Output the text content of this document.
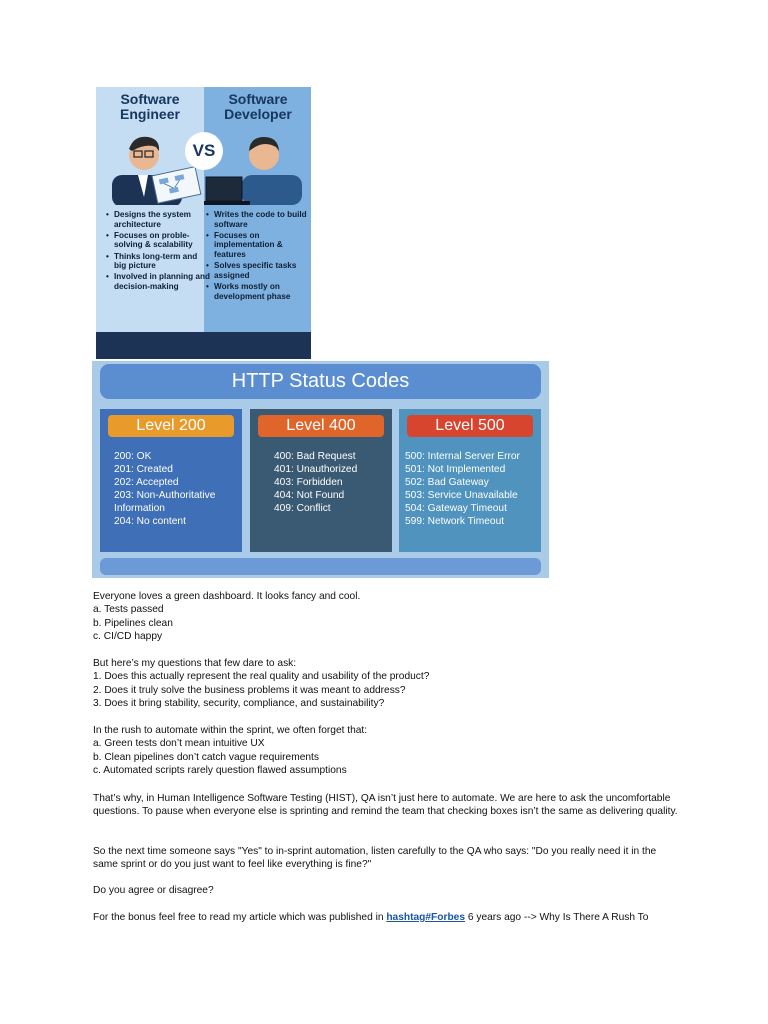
Software Engineer
Software Developer
VS
• Designs the system architecture
• Focuses on proble-solving & scalability
• Thinks long-term and big picture
• Involved in planning and decision-making
• Writes the code to build software
• Focuses on implementation & features
• Solves specific tasks assigned
• Works mostly on development phase
HTTP Status Codes
Level 200
200: OK
201: Created
202: Accepted
203: Non-Authoritative
Information
204: No content
Level 400
400: Bad Request
401: Unauthorized
403: Forbidden
404: Not Found
409: Conflict
Level 500
500: Internal Server Error
501: Not Implemented
502: Bad Gateway
503: Service Unavailable
504: Gateway Timeout
599: Network Timeout

Everyone loves a green dashboard. It looks fancy and cool.

a. Tests passed

b. Pipelines clean

c. CI/CD happy

But here’s my questions that few dare to ask:

1. Does this actually represent the real quality and usability of the product?

2. Does it truly solve the business problems it was meant to address?

3. Does it bring stability, security, compliance, and sustainability?

In the rush to automate within the sprint, we often forget that:

a. Green tests don’t mean intuitive UX

b. Clean pipelines don’t catch vague requirements

c. Automated scripts rarely question flawed assumptions

That’s why, in Human Intelligence Software Testing (HIST), QA isn’t just here to automate. We are here to ask the uncomfortable questions. To pause when everyone else is sprinting and remind the team that checking boxes isn’t the same as delivering quality.

So the next time someone says "Yes" to in-sprint automation, listen carefully to the QA who says: "Do you really need it in the same sprint or do you just want to feel like everything is fine?"

Do you agree or disagree?

For the bonus feel free to read my article which was published in hashtag#Forbes 6 years ago --> Why Is There A Rush To
